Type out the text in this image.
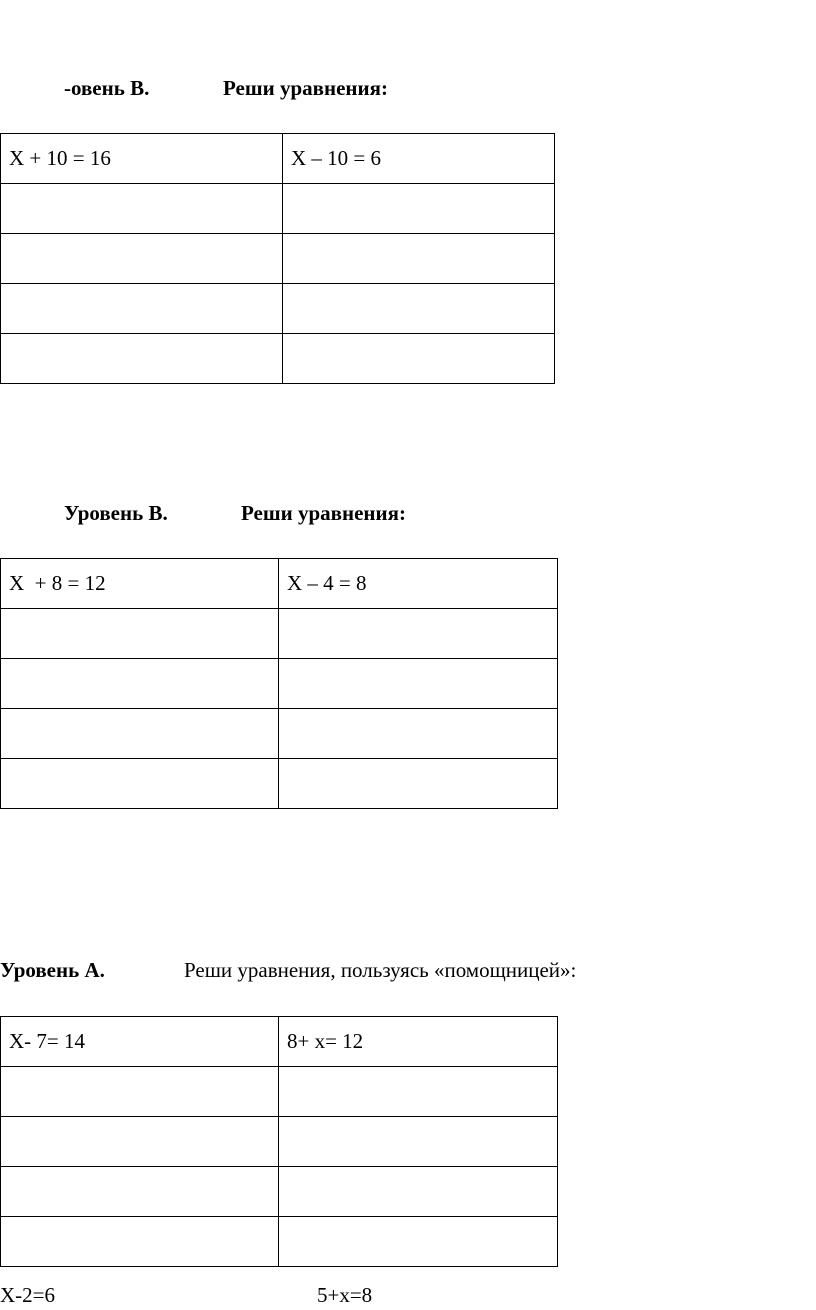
-овень В.	Реши уравнения:
Х + 10 = 16	Х – 10 = 6

Уровень В.	Реши уравнения:
Х  + 8 = 12	Х – 4 = 8

Уровень А.	Реши уравнения, пользуясь «помощницей»:
Х- 7= 14	8+ х= 12

Х-2=6	5+х=8
